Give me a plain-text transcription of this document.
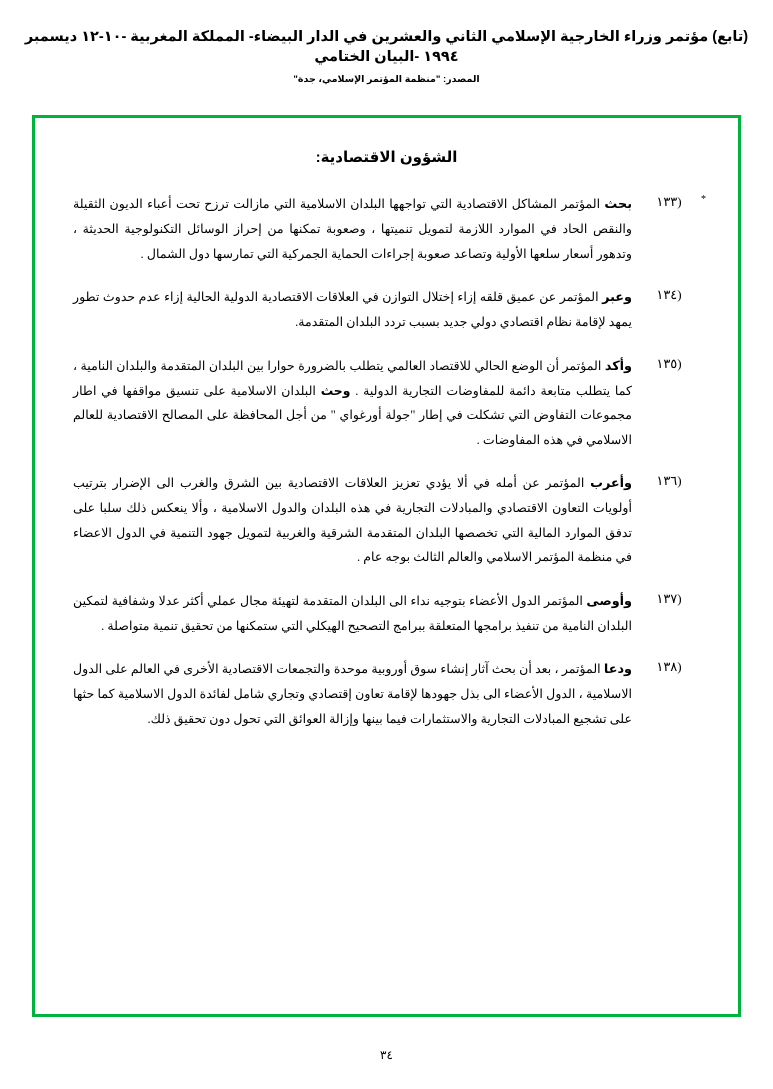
(تابع) مؤتمر وزراء الخارجية الإسلامي الثاني والعشرين في الدار البيضاء- المملكة المغربية -١٠-١٢ ديسمبر ١٩٩٤ -البيان الختامي
المصدر: "منظمة المؤتمر الإسلامي، جدة"
الشؤون الاقتصادية:
*
(١٣٣
بحث المؤتمر المشاكل الاقتصادية التي تواجهها البلدان الاسلامية التي مازالت ترزح تحت أعباء الديون الثقيلة والنقص الحاد في الموارد اللازمة لتمويل تنميتها ، وصعوبة تمكنها من إحراز الوسائل التكنولوجية الحديثة ، وتدهور أسعار سلعها الأولية وتصاعد صعوبة إجراءات الحماية الجمركية التي تمارسها دول الشمال .
(١٣٤
وعبر المؤتمر عن عميق قلقه إزاء إختلال التوازن في العلاقات الاقتصادية الدولية الحالية إزاء عدم حدوث تطور يمهد لإقامة نظام اقتصادي دولي جديد بسبب تردد البلدان المتقدمة.
(١٣٥
وأكد المؤتمر أن الوضع الحالي للاقتصاد العالمي يتطلب بالضرورة حوارا بين البلدان المتقدمة والبلدان النامية ، كما يتطلب متابعة دائمة للمفاوضات التجارية الدولية . وحث البلدان الاسلامية على تنسيق مواقفها في اطار مجموعات التفاوض التي تشكلت في إطار "جولة أورغواي " من أجل المحافظة على المصالح الاقتصادية للعالم الاسلامي في هذه المفاوضات .
(١٣٦
وأعرب المؤتمر عن أمله في ألا يؤدي تعزيز العلاقات الاقتصادية بين الشرق والغرب الى الإضرار بترتيب أولويات التعاون الاقتصادي والمبادلات التجارية في هذه البلدان والدول الاسلامية ، وألا ينعكس ذلك سلبا على تدفق الموارد المالية التي تخصصها البلدان المتقدمة الشرقية والغربية لتمويل جهود التنمية في الدول الاعضاء في منظمة المؤتمر الاسلامي والعالم الثالث بوجه عام .
(١٣٧
وأوصى المؤتمر الدول الأعضاء بتوجيه نداء الى البلدان المتقدمة لتهيئة مجال عملي أكثر عدلا وشفافية لتمكين البلدان النامية من تنفيذ برامجها المتعلقة ببرامج التصحيح الهيكلي التي ستمكنها من تحقيق تنمية متواصلة .
(١٣٨
ودعا المؤتمر ، بعد أن بحث آثار إنشاء سوق أوروبية موحدة والتجمعات الاقتصادية الأخرى في العالم على الدول الاسلامية ، الدول الأعضاء الى بذل جهودها لإقامة تعاون إقتصادي وتجاري شامل لفائدة الدول الاسلامية كما حثها على تشجيع المبادلات التجارية والاستثمارات فيما بينها وإزالة العوائق التي تحول دون تحقيق ذلك.
٣٤
